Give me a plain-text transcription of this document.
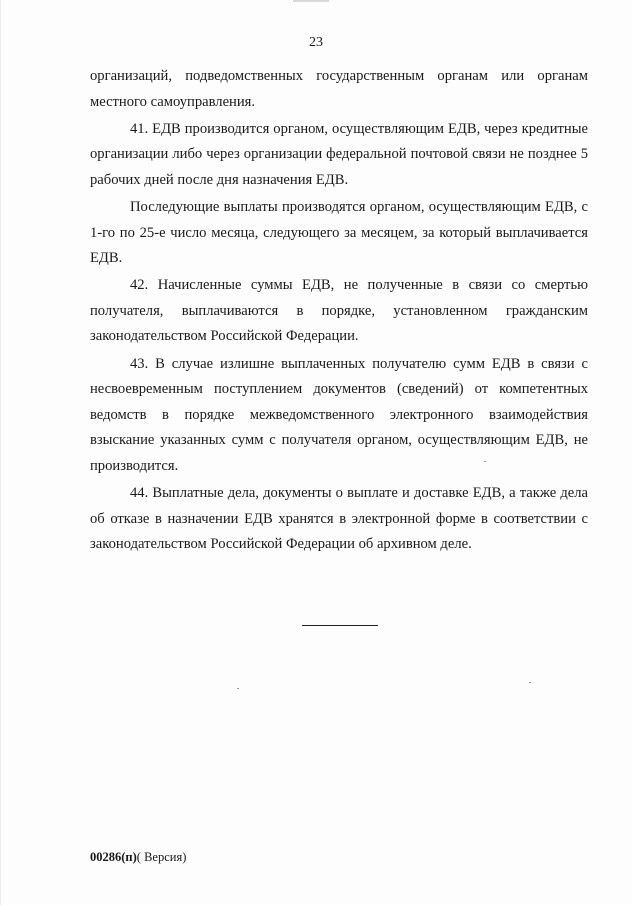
23

организаций, подведомственных государственным органам или органам местного самоуправления.

41. ЕДВ производится органом, осуществляющим ЕДВ, через кредитные организации либо через организации федеральной почтовой связи не позднее 5 рабочих дней после дня назначения ЕДВ.

Последующие выплаты производятся органом, осуществляющим ЕДВ, с 1-го по 25-е число месяца, следующего за месяцем, за который выплачивается ЕДВ.

42. Начисленные суммы ЕДВ, не полученные в связи со смертью получателя, выплачиваются в порядке, установленном гражданским законодательством Российской Федерации.

43. В случае излишне выплаченных получателю сумм ЕДВ в связи с несвоевременным поступлением документов (сведений) от компетентных ведомств в порядке межведомственного электронного взаимодействия взыскание указанных сумм с получателя органом, осуществляющим ЕДВ, не производится.

44. Выплатные дела, документы о выплате и доставке ЕДВ, а также дела об отказе в назначении ЕДВ хранятся в электронной форме в соответствии с законодательством Российской Федерации об архивном деле.

00286(п)( Версия)
